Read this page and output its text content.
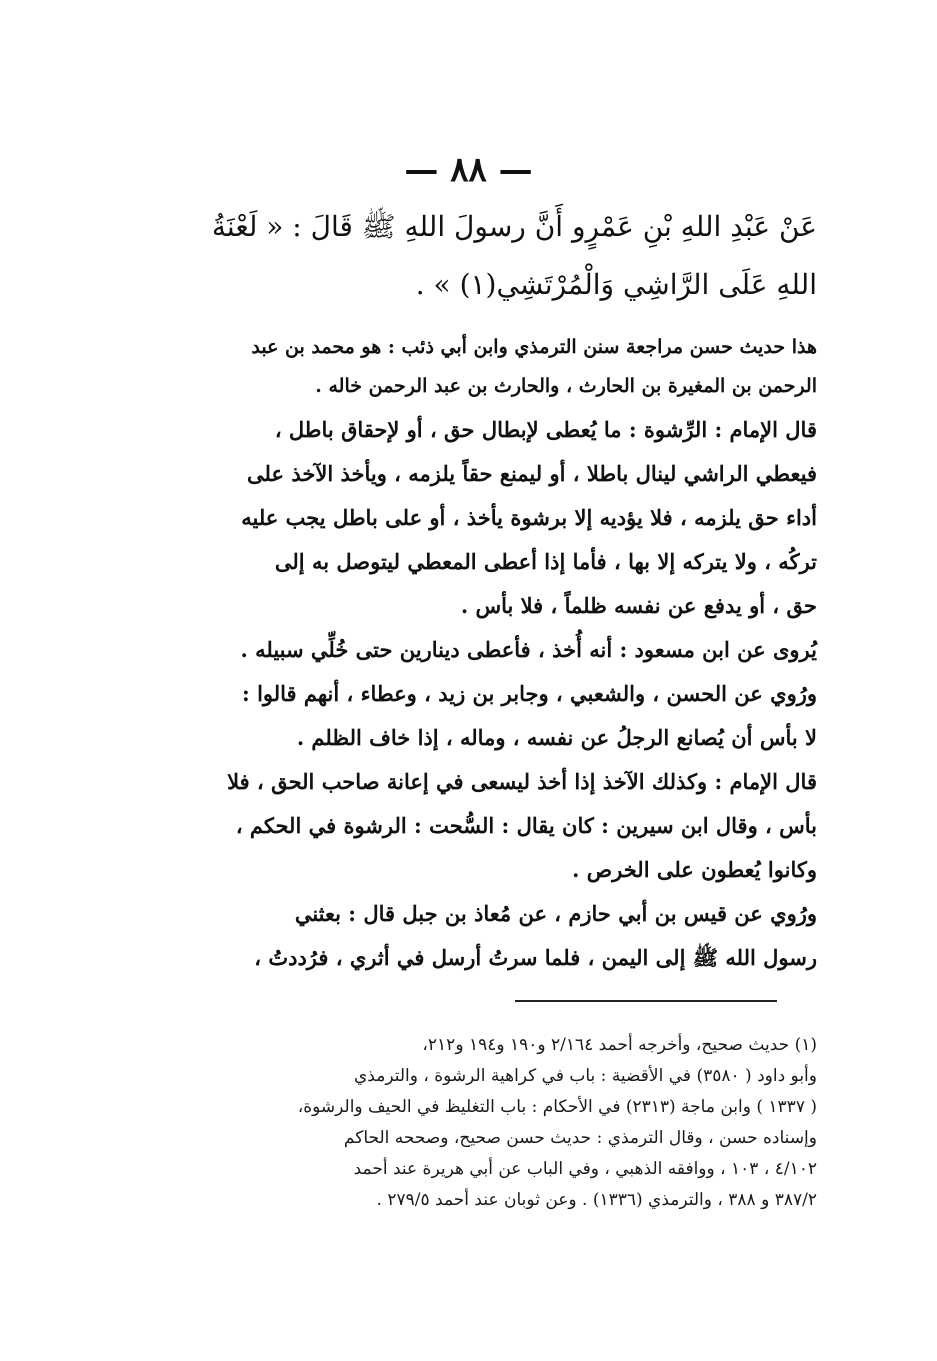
— ٨٨ —
عَنْ عَبْدِ اللهِ بْنِ عَمْرٍو أَنَّ رسولَ اللهِ ﷺ قَالَ : « لَعْنَةُ
اللهِ عَلَى الرَّاشِي وَالْمُرْتَشِي(١) » .
هذا حديث حسن مراجعة سنن الترمذي وابن أبي ذئب : هو محمد بن عبد
الرحمن بن المغيرة بن الحارث ، والحارث بن عبد الرحمن خاله .
قال الإمام : الرِّشوة : ما يُعطى لإبطال حق ، أو لإحقاق باطل ،
فيعطي الراشي لينال باطلا ، أو ليمنع حقاً يلزمه ، ويأخذ الآخذ على
أداء حق يلزمه ، فلا يؤديه إلا برشوة يأخذ ، أو على باطل يجب عليه
تركُه ، ولا يتركه إلا بها ، فأما إذا أعطى المعطي ليتوصل به إلى
حق ، أو يدفع عن نفسه ظلماً ، فلا بأس .
يُروى عن ابن مسعود : أنه أُخذ ، فأعطى دينارين حتى خُلِّي سبيله .
ورُوي عن الحسن ، والشعبي ، وجابر بن زيد ، وعطاء ، أنهم قالوا :
لا بأس أن يُصانع الرجلُ عن نفسه ، وماله ، إذا خاف الظلم .
قال الإمام : وكذلك الآخذ إذا أخذ ليسعى في إعانة صاحب الحق ، فلا
بأس ، وقال ابن سيرين : كان يقال : السُّحت : الرشوة في الحكم ،
وكانوا يُعطون على الخرص .
ورُوي عن قيس بن أبي حازم ، عن مُعاذ بن جبل قال : بعثني
رسول الله ﷺ إلى اليمن ، فلما سرتُ أرسل في أثري ، فرُددتُ ،
(١) حديث صحيح، وأخرجه أحمد ٢/١٦٤ و١٩٠ و١٩٤ و٢١٢،
وأبو داود ( ٣٥٨٠) في الأقضية : باب في كراهية الرشوة ، والترمذي
( ١٣٣٧ ) وابن ماجة (٢٣١٣) في الأحكام : باب التغليظ في الحيف والرشوة،
وإسناده حسن ، وقال الترمذي : حديث حسن صحيح، وصححه الحاكم
٤/١٠٢ ، ١٠٣ ، ووافقه الذهبي ، وفي الباب عن أبي هريرة عند أحمد
٣٨٧/٢ و ٣٨٨ ، والترمذي (١٣٣٦) . وعن ثوبان عند أحمد ٢٧٩/٥ .
